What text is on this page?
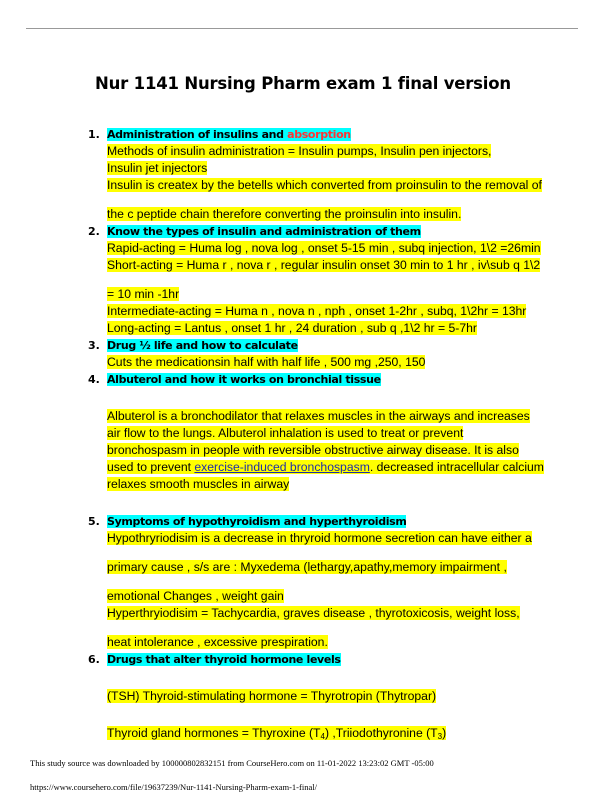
Nur 1141 Nursing Pharm exam 1 final version
1. Administration of insulins and absorption
Methods of insulin administration = Insulin pumps, Insulin pen injectors,
Insulin jet injectors
Insulin is createx by the betells which converted from proinsulin to the removal of
the c peptide chain therefore converting the proinsulin into insulin.
2. Know the types of insulin and administration of them
Rapid-acting = Huma log , nova log , onset 5-15 min , subq injection, 1\2 =26min
Short-acting = Huma r , nova r , regular insulin onset 30 min to 1 hr , iv\sub q 1\2
= 10 min -1hr
Intermediate-acting = Huma n , nova n , nph , onset 1-2hr , subq, 1\2hr = 13hr
Long-acting = Lantus , onset 1 hr , 24 duration , sub q ,1\2 hr = 5-7hr
3. Drug ½ life and how to calculate
Cuts the medicationsin half with half life , 500 mg ,250, 150
4. Albuterol and how it works on bronchial tissue
Albuterol is a bronchodilator that relaxes muscles in the airways and increases
air flow to the lungs. Albuterol inhalation is used to treat or prevent
bronchospasm in people with reversible obstructive airway disease. It is also
used to prevent exercise-induced bronchospasm. decreased intracellular calcium
relaxes smooth muscles in airway
5. Symptoms of hypothyroidism and hyperthyroidism
Hypothryriodisim is a decrease in thryroid hormone secretion can have either a
primary cause , s/s are : Myxedema (lethargy,apathy,memory impairment ,
emotional Changes , weight gain
Hyperthryiodisim = Tachycardia, graves disease , thyrotoxicosis, weight loss,
heat intolerance , excessive prespiration.
6. Drugs that alter thyroid hormone levels
(TSH) Thyroid-stimulating hormone = Thyrotropin (Thytropar)
Thyroid gland hormones = Thyroxine $(T_4)$ ,Triiodothyronine $(T_3)$
This study source was downloaded by 100000802832151 from CourseHero.com on 11-01-2022 13:23:02 GMT -05:00
https://www.coursehero.com/file/19637239/Nur-1141-Nursing-Pharm-exam-1-final/
